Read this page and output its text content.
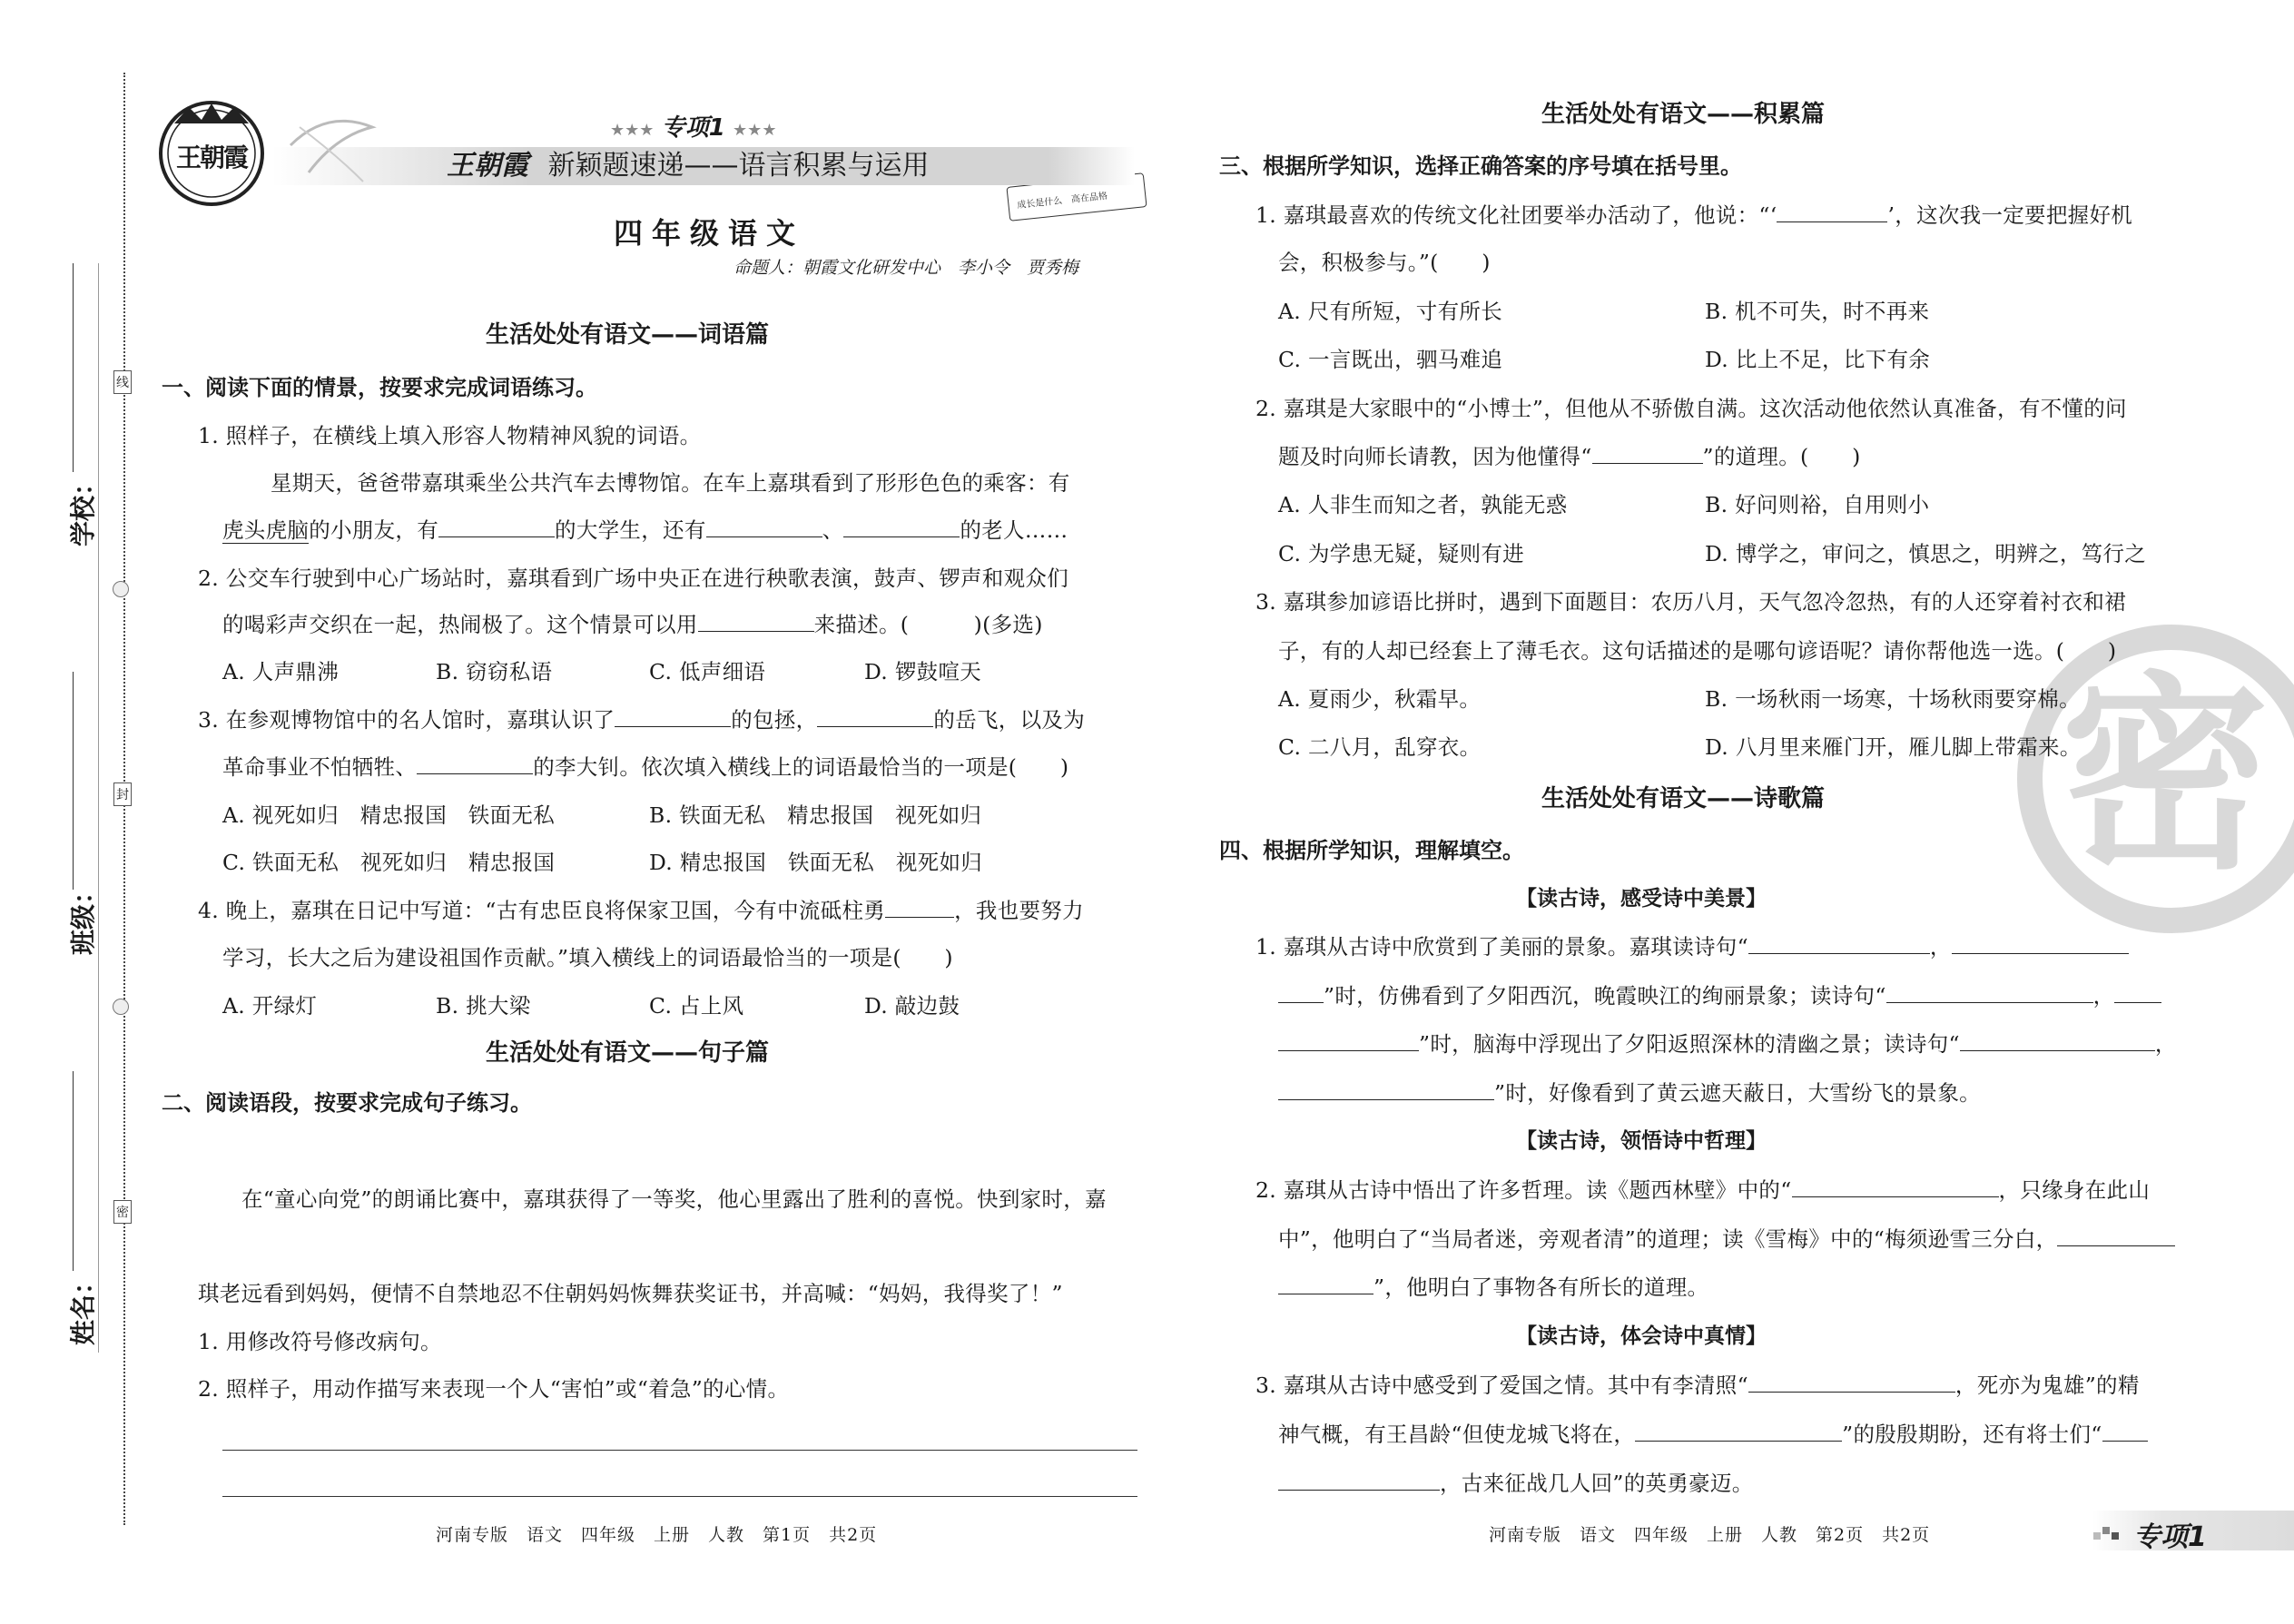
线
封
密
学校：
班级：
姓名：
王朝霞
成长是什么　高在品格
★★★ 专项1 ★★★
王朝霞 新颖题速递——语言积累与运用
四年级语文
命题人：朝霞文化研发中心　李小令　贾秀梅
生活处处有语文——词语篇
一、阅读下面的情景，按要求完成词语练习。
1. 照样子，在横线上填入形容人物精神风貌的词语。
星期天，爸爸带嘉琪乘坐公共汽车去博物馆。在车上嘉琪看到了形形色色的乘客：有
虎头虎脑的小朋友，有	的大学生，还有	、	的老人……
2. 公交车行驶到中心广场站时，嘉琪看到广场中央正在进行秧歌表演，鼓声、锣声和观众们
的喝彩声交织在一起，热闹极了。这个情景可以用	来描述。(　　　)(多选)
A. 人声鼎沸	B. 窃窃私语	C. 低声细语	D. 锣鼓喧天
3. 在参观博物馆中的名人馆时，嘉琪认识了	的包拯，	的岳飞，以及为
革命事业不怕牺牲、	的李大钊。依次填入横线上的词语最恰当的一项是(　　)
A. 视死如归　精忠报国　铁面无私	B. 铁面无私　精忠报国　视死如归
C. 铁面无私　视死如归　精忠报国	D. 精忠报国　铁面无私　视死如归
4. 晚上，嘉琪在日记中写道：“古有忠臣良将保家卫国，今有中流砥柱勇	，我也要努力
学习，长大之后为建设祖国作贡献。”填入横线上的词语最恰当的一项是(　　)
A. 开绿灯	B. 挑大梁	C. 占上风	D. 敲边鼓
生活处处有语文——句子篇
二、阅读语段，按要求完成句子练习。
在“童心向党”的朗诵比赛中，嘉琪获得了一等奖，他心里露出了胜利的喜悦。快到家时，嘉
琪老远看到妈妈，便情不自禁地忍不住朝妈妈恢舞获奖证书，并高喊：“妈妈，我得奖了！”
1. 用修改符号修改病句。
2. 照样子，用动作描写来表现一个人“害怕”或“着急”的心情。
河南专版　语文　四年级　上册　人教　第1页　共2页
密
生活处处有语文——积累篇
三、根据所学知识，选择正确答案的序号填在括号里。
1. 嘉琪最喜欢的传统文化社团要举办活动了，他说：“‘	’，这次我一定要把握好机
会，积极参与。”(　　)
A. 尺有所短，寸有所长	B. 机不可失，时不再来
C. 一言既出，驷马难追	D. 比上不足，比下有余
2. 嘉琪是大家眼中的“小博士”，但他从不骄傲自满。这次活动他依然认真准备，有不懂的问
题及时向师长请教，因为他懂得“	”的道理。(　　)
A. 人非生而知之者，孰能无惑	B. 好问则裕，自用则小
C. 为学患无疑，疑则有进	D. 博学之，审问之，慎思之，明辨之，笃行之
3. 嘉琪参加谚语比拼时，遇到下面题目：农历八月，天气忽冷忽热，有的人还穿着衬衣和裙
子，有的人却已经套上了薄毛衣。这句话描述的是哪句谚语呢？请你帮他选一选。(　　)
A. 夏雨少，秋霜早。	B. 一场秋雨一场寒，十场秋雨要穿棉。
C. 二八月，乱穿衣。	D. 八月里来雁门开，雁儿脚上带霜来。
生活处处有语文——诗歌篇
四、根据所学知识，理解填空。
【读古诗，感受诗中美景】
1. 嘉琪从古诗中欣赏到了美丽的景象。嘉琪读诗句“	，
”时，仿佛看到了夕阳西沉，晚霞映江的绚丽景象；读诗句“	，
”时，脑海中浮现出了夕阳返照深林的清幽之景；读诗句“	，
”时，好像看到了黄云遮天蔽日，大雪纷飞的景象。
【读古诗，领悟诗中哲理】
2. 嘉琪从古诗中悟出了许多哲理。读《题西林壁》中的“	，只缘身在此山
中”，他明白了“当局者迷，旁观者清”的道理；读《雪梅》中的“梅须逊雪三分白，
”，他明白了事物各有所长的道理。
【读古诗，体会诗中真情】
3. 嘉琪从古诗中感受到了爱国之情。其中有李清照“	，死亦为鬼雄”的精
神气概，有王昌龄“但使龙城飞将在，	”的殷殷期盼，还有将士们“
，古来征战几人回”的英勇豪迈。
河南专版　语文　四年级　上册　人教　第2页　共2页	专项1
